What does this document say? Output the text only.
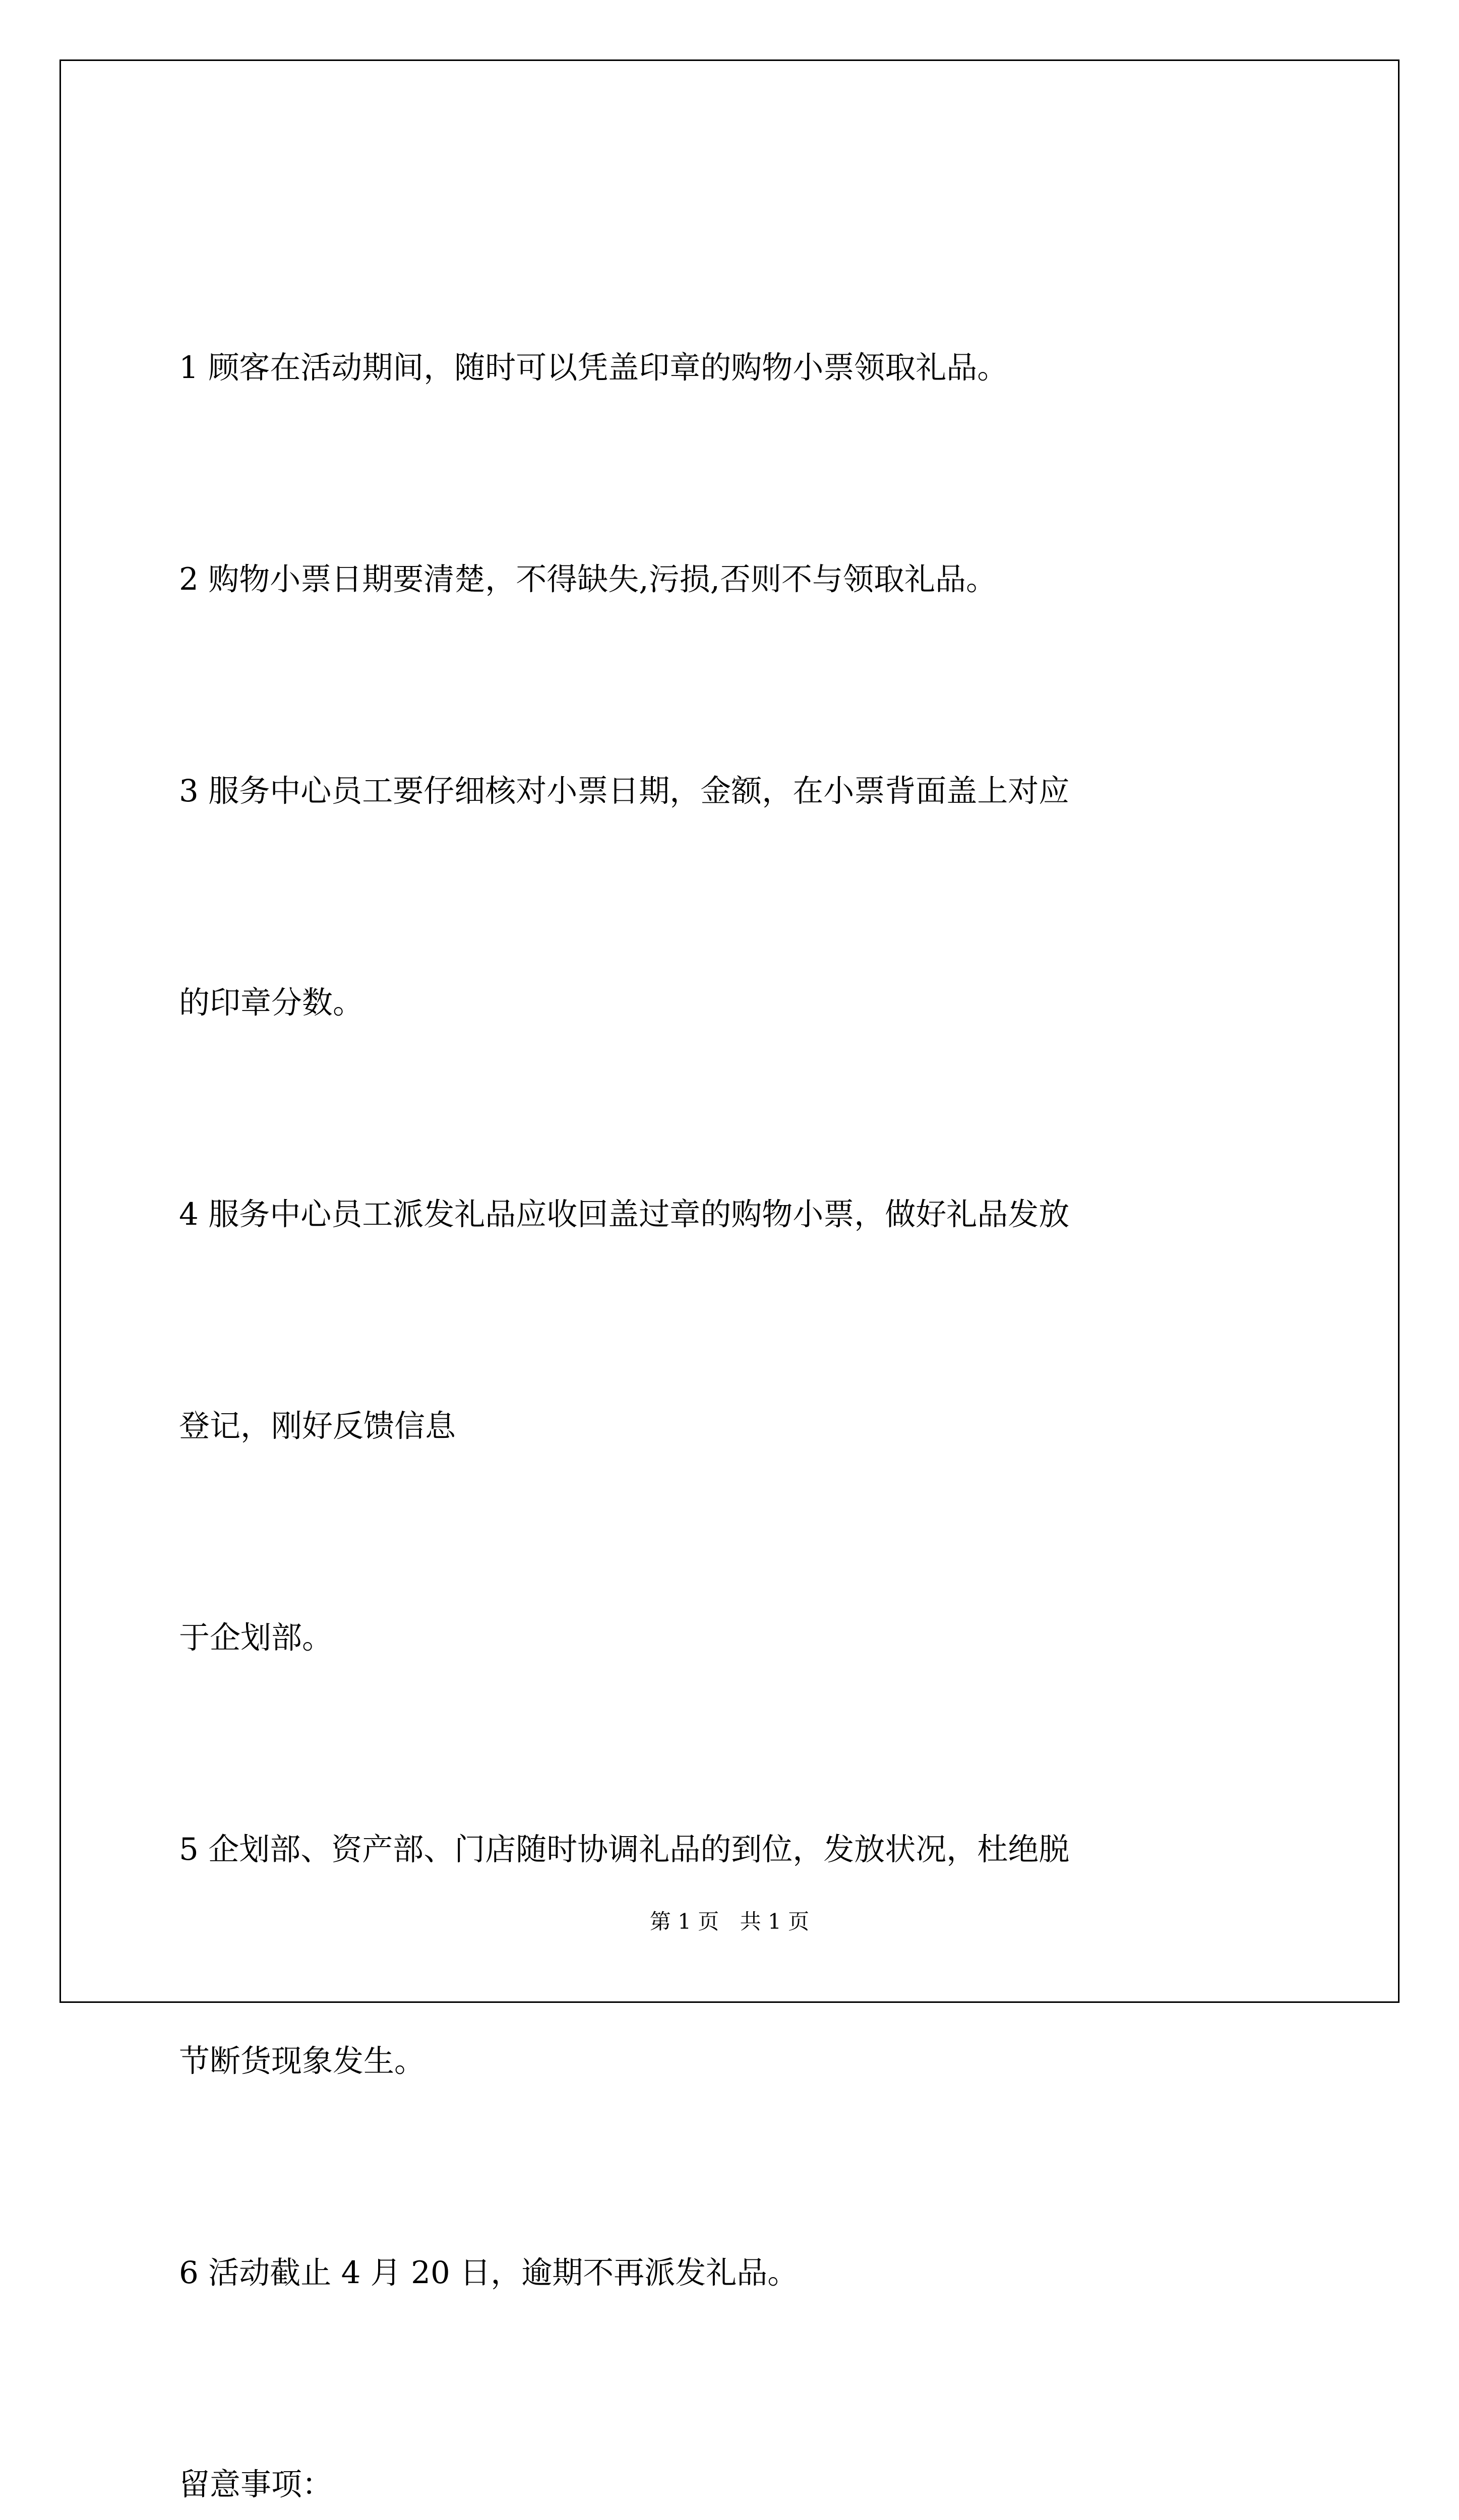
1 顾客在活动期间，随时可以凭盖印章的购物小票领取礼品。

2 购物小票日期要清楚，不得缺失,污损,否则不与领取礼品。

3 服务中心员工要仔细核对小票日期，金额，在小票背面盖上对应

的印章分数。

4 服务中心员工派发礼品应收回盖过章的购物小票，做好礼品发放

登记，刚好反馈信息

于企划部。

5 企划部、资产部、门店随时协调礼品的到位，发放状况，杜绝脱

节断货现象发生。

6 活动截止 4 月 20 日，逾期不再派发礼品。

留意事项：

第 1 页 共 1 页
